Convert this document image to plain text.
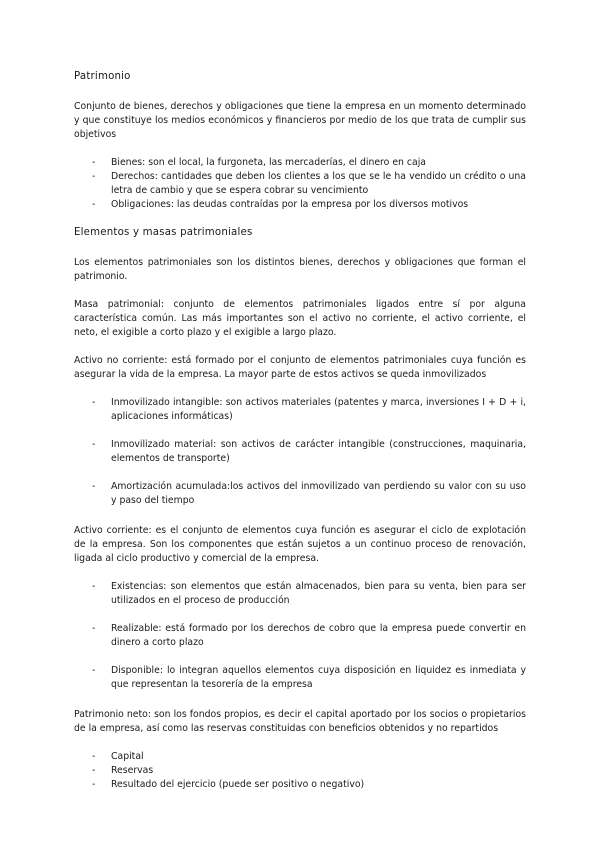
Patrimonio

Conjunto de bienes, derechos y obligaciones que tiene la empresa en un momento determinado y que constituye los medios económicos y financieros por medio de los que trata de cumplir sus objetivos

- Bienes: son el local, la furgoneta, las mercaderías, el dinero en caja
- Derechos: cantidades que deben los clientes a los que se le ha vendido un crédito o una letra de cambio y que se espera cobrar su vencimiento
- Obligaciones: las deudas contraídas por la empresa por los diversos motivos
Elementos y masas patrimoniales

Los elementos patrimoniales son los distintos bienes, derechos y obligaciones que forman el patrimonio.

Masa patrimonial: conjunto de elementos patrimoniales ligados entre sí por alguna característica común. Las más importantes son el activo no corriente, el activo corriente, el neto, el exigible a corto plazo y el exigible a largo plazo.

Activo no corriente: está formado por el conjunto de elementos patrimoniales cuya función es asegurar la vida de la empresa. La mayor parte de estos activos se queda inmovilizados

- Inmovilizado intangible: son activos materiales (patentes y marca, inversiones I + D + i, aplicaciones informáticas)
- Inmovilizado material: son activos de carácter intangible (construcciones, maquinaria, elementos de transporte)
- Amortización acumulada:los activos del inmovilizado van perdiendo su valor con su uso y paso del tiempo

Activo corriente: es el conjunto de elementos cuya función es asegurar el ciclo de explotación de la empresa. Son los componentes que están sujetos a un continuo proceso de renovación, ligada al ciclo productivo y comercial de la empresa.

- Existencias: son elementos que están almacenados, bien para su venta, bien para ser utilizados en el proceso de producción
- Realizable: está formado por los derechos de cobro que la empresa puede convertir en dinero a corto plazo
- Disponible: lo integran aquellos elementos cuya disposición en liquidez es inmediata y que representan la tesorería de la empresa

Patrimonio neto: son los fondos propios, es decir el capital aportado por los socios o propietarios de la empresa, así como las reservas constituidas con beneficios obtenidos y no repartidos

- Capital
- Reservas
- Resultado del ejercicio (puede ser positivo o negativo)
